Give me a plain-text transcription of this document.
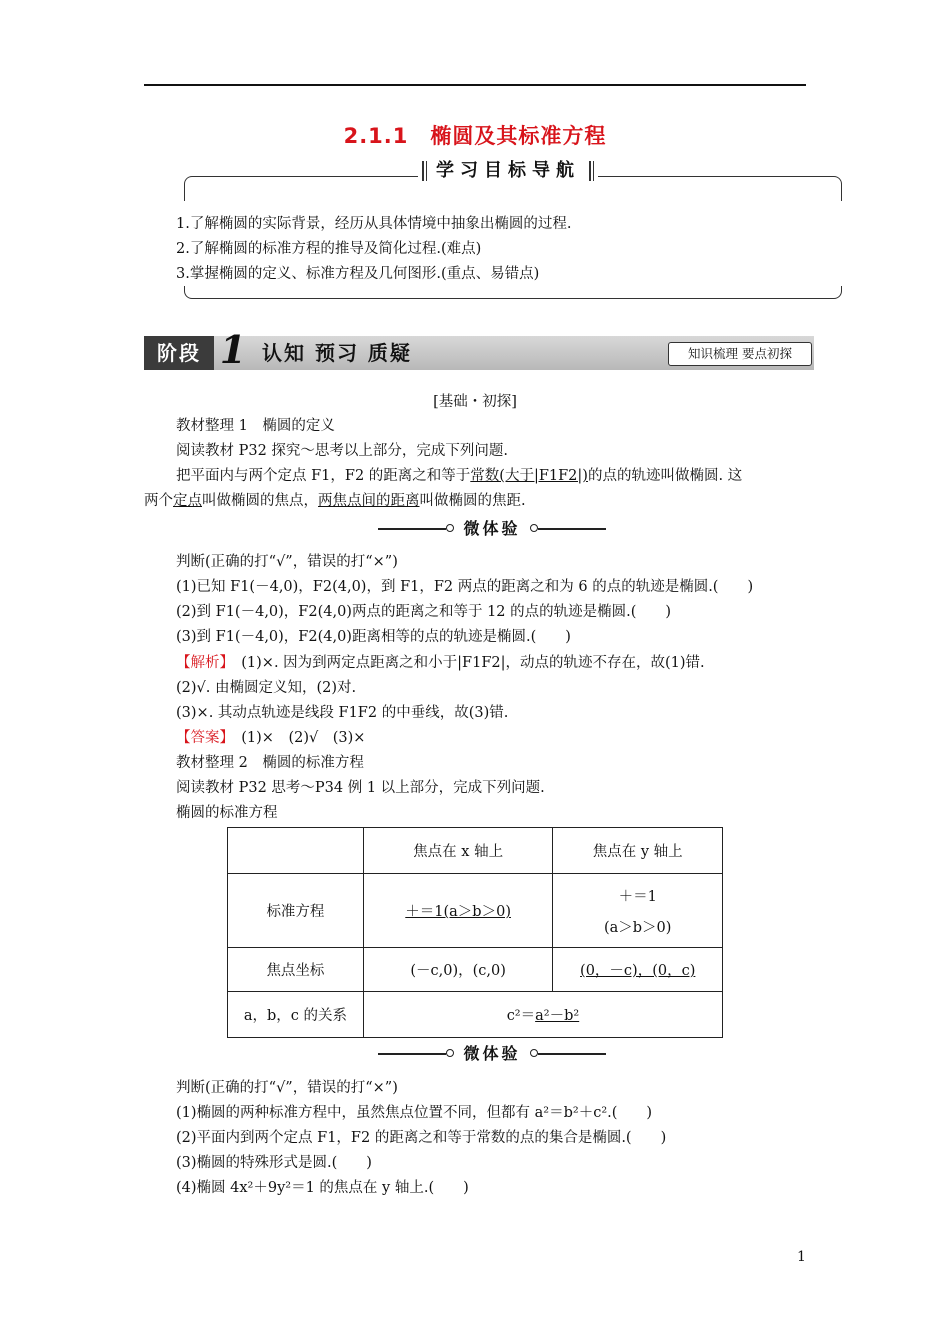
2.1.1　椭圆及其标准方程
学习目标导航
1.了解椭圆的实际背景，经历从具体情境中抽象出椭圆的过程.
2.了解椭圆的标准方程的推导及简化过程.(难点)
3.掌握椭圆的定义、标准方程及几何图形.(重点、易错点)
阶段 1 认知 预习 质疑	知识梳理 要点初探
[基础・初探]
教材整理 1　椭圆的定义
阅读教材 P32 探究～思考以上部分，完成下列问题.
把平面内与两个定点 F1，F2 的距离之和等于常数(大于|F1F2|)的点的轨迹叫做椭圆. 这
两个定点叫做椭圆的焦点，两焦点间的距离叫做椭圆的焦距.
微体验
判断(正确的打“√”，错误的打“×”)
(1)已知 F1(－4,0)，F2(4,0)，到 F1，F2 两点的距离之和为 6 的点的轨迹是椭圆.(　　)
(2)到 F1(－4,0)，F2(4,0)两点的距离之和等于 12 的点的轨迹是椭圆.(　　)
(3)到 F1(－4,0)，F2(4,0)距离相等的点的轨迹是椭圆.(　　)
【解析】　(1)×. 因为到两定点距离之和小于|F1F2|，动点的轨迹不存在，故(1)错.
(2)√. 由椭圆定义知，(2)对.
(3)×. 其动点轨迹是线段 F1F2 的中垂线，故(3)错.
【答案】　(1)×　(2)√　(3)×
教材整理 2　椭圆的标准方程
阅读教材 P32 思考～P34 例 1 以上部分，完成下列问题.
椭圆的标准方程
	焦点在 x 轴上	焦点在 y 轴上
标准方程	＋＝1(a＞b＞0)	＋＝1
(a＞b＞0)

焦点坐标	(－c,0)，(c,0)	(0，－c)，(0，c)
a，b，c 的关系	c²＝a²－b²	
微体验
判断(正确的打“√”，错误的打“×”)
(1)椭圆的两种标准方程中，虽然焦点位置不同，但都有 a²＝b²＋c².(　　)
(2)平面内到两个定点 F1，F2 的距离之和等于常数的点的集合是椭圆.(　　)
(3)椭圆的特殊形式是圆.(　　)
(4)椭圆 4x²＋9y²＝1 的焦点在 y 轴上.(　　)
1
